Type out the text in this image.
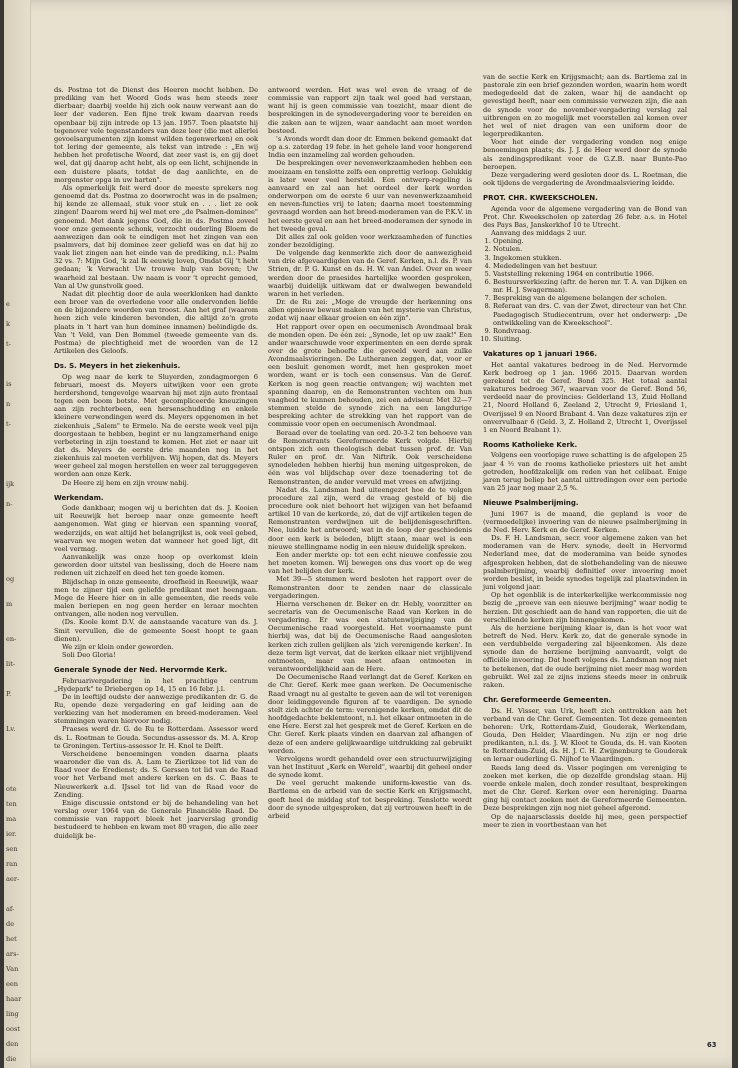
e
k
t-
is
n
t-
ijk
n-
og
m
en-
lit-
P.
Lv.
ote
ten
ma
ier.
sen
ran
aer-
af-
de
het
ars-
Van
een
haar
ling
oost
den
die

ds. Postma tot de Dienst des Heeren mocht hebben. De prediking van het Woord Gods was hem steeds zeer dierbaar; daarbij voelde hij zich ook nauw verwant aan de leer der vaderen. Een fijne trek kwam daarvan reeds openbaar bij zijn intrede op 13 jan. 1957. Toen plaatste hij tegenover vele tegenstanders van deze leer (die met allerlei gevoelsargumenten zijn komst wilden tegenwerken) en ook tot lering der gemeente, als tekst van intrede : „En wij hebben het profetische Woord, dat zeer vast is, en gij doet wel, dat gij daarop acht hebt, als op een licht, schijnende in een duistere plaats, totdat de dag aanlichte, en de morgenster opga in uw harten".

Als opmerkelijk feit werd door de meeste sprekers nog genoemd dat ds. Postma zo doorwrocht was in de psalmen; hij kende ze allemaal, stuk voor stuk en . . . liet ze ook zingen! Daarom werd hij wel met ere „de Psalmen-dominee" genoemd. Met dank jegens God, die in ds. Postma zoveel voor onze gemeente schonk, verzocht ouderling Bloem de aanwezigen dan ook te eindigen met het zingen van een psalmvers, dat bij dominee zeer geliefd was en dat hij zo vaak liet zingen aan het einde van de prediking, n.l.: Psalm 32 vs. 7: Mijn God, 'k zal Ik eeuwig loven, Omdat Gij 't hebt gedaan; 'k Verwacht Uw trouwe hulp van boven; Uw waarheid zal bestaan. Uw naam is voor 't oprecht gemoed, Van al Uw gunstvolk goed.

Nadat dit plechtig door de aula weerklonken had dankte een broer van de overledene voor alle ondervonden liefde en de bijzondere woorden van troost. Aan het graf (waarom heen zich vele kinderen bevonden, die altijd zo'n grote plaats in 't hart van hun dominee innamen) beëindigde ds. Van 't Veld, van Den Bommel (tweede gemeente van ds. Postma) de plechtigheid met de woorden van de 12 Artikelen des Geloofs.

Ds. S. Meyers in het ziekenhuis.

Op weg naar de kerk te Sluyerden, zondagmorgen 6 februari, moest ds. Meyers uitwijken voor een grote herdershond, tengevolge waarvan hij met zijn auto frontaal tegen een boom botste. Met gecompliceerde kneuzingen aan zijn rechterbeen, een hersenschudding en enkele kleinere verwondingen werd ds. Meyers opgenomen in het ziekenhuis „Salem" te Ermelo. Na de eerste week veel pijn doorgestaan te hebben, begint er nu langzamerhand enige verbetering in zijn toestand te komen. Het ziet er naar uit dat ds. Meyers de eerste drie maanden nog in het ziekenhuis zal moeten verblijven. Wij hopen, dat ds. Meyers weer geheel zal mogen herstellen en weer zal teruggegeven worden aan onze Kerk.

De Heere zij hem en zijn vrouw nabij.

Werkendam.

Gode dankbaar, mogen wij u berichten dat ds. J. Kooien uit Reeuwijk het beroep naar onze gemeente heeft aangenomen. Wat ging er hiervan een spanning vooraf, wederzijds, en wat altijd het belangrijkst is, ook veel gebed, waarvan we mogen weten dat wanneer het goed ligt, dit veel vermag.

Aanvankelijk was onze hoop op overkomst klein geworden door uitstel van beslissing, doch de Heere nam redenen uit zichzelf en deed het ten goede komen.

Blijdschap in onze gemeente, droefheid in Reeuwijk, waar men te zijner tijd een geliefde predikant met heengaan. Moge de Heere hier en in alle gemeenten, die reeds vele malen beriepen en nog geen herder en leraar mochten ontvangen, alle noden nog vervullen.

(Ds. Koole komt D.V. de aanstaande vacature van ds. J. Smit vervullen, die de gemeente Soest hoopt te gaan dienen).

We zijn er klein onder geworden.

Soli Deo Gloria!

Generale Synode der Ned. Hervormde Kerk.

Februarivergadering in het prachtige centrum „Hydepark" te Driebergen op 14, 15 en 16 febr. j.l.

De in leeftijd oudste der aanwezige predikanten dr. G. de Ru, opende deze vergadering en gaf leiding aan de verkiezing van het moderamen en breed-moderamen. Veel stemmingen waren hiervoor nodig.

Praeses werd dr. G. de Ru te Rotterdam. Assessor werd ds. L. Roetman te Gouda. Secundus-assessor ds. M. A. Krop te Groningen. Tertius-assessor Ir. H. Knol te Delft.

Verscheidene benoemingen vonden daarna plaats waaronder die van ds. A. Lam te Zierikzee tot lid van de Raad voor de Eredienst; ds. S. Gerssen tot lid van de Raad voor het Verband met andere kerken en ds. C. Baas te Nieuwerkerk a.d. IJssel tot lid van de Raad voor de Zending.

Enige discussie ontstond er bij de behandeling van het verslag over 1964 van de Generale Financiële Raad. De commissie van rapport bleek het jaarverslag grondig bestudeerd te hebben en kwam met 80 vragen, die alle zeer duidelijk be-

antwoord werden. Het was wel even de vraag of de commissie van rapport zijn taak wel goed had verstaan, want hij is geen commissie van toezicht, maar dient de besprekingen in de synodevergadering voor te bereiden en die zaken aan te wijzen, waar aandacht aan moet worden besteed.

's Avonds wordt dan door dr. Emmen bekend gemaakt dat op a.s. zaterdag 19 febr. in het gehele land voor hongerend India een inzameling zal worden gehouden.

De besprekingen over nevenwerkzaamheden hebben een moeizaam en tenslotte zelfs een onprettig verloop. Gelukkig is later weer veel hersteld. Een ontwerp-regeling is aanvaard en zal aan het oordeel der kerk worden onderworpen om de eerste 6 uur van nevenwerkzaamheid en neven-functies vrij te laten; daarna moet toestemming gevraagd worden aan het breed-moderamen van de P.K.V. in het eerste geval en aan het breed-moderamen der synode in het tweede geval.

Dit alles zal ook gelden voor werkzaamheden of functies zonder bezoldiging.

De volgende dag kenmerkte zich door de aanwezigheid van drie afgevaardigden van de Geref. Kerken, n.l. ds. P. van Strien, dr. P. G. Kunst en ds. H. W. van Andel. Over en weer werden door de praesides hartelijke woorden gesproken, waarbij duidelijk uitkwam dat er dwalwegen bewandeld waren in het verleden.

Dr. de Ru zei: „Moge de vreugde der herkenning ons allen opnieuw bewust maken van het mysterie van Christus, zodat wij naar elkaar groeien en één zijn".

Het rapport over open en oecumenisch Avondmaal brak de monden open. De één zei: „Synode, let op uw zaak!" Een ander waarschuwde voor experimenten en een derde sprak over de grote behoefte die gevoeld werd aan zulke Avondmaalsvieringen. De Lutheranen zeggen, dat, voor er een besluit genomen wordt, met hen gesproken moet worden, want er is toch een consensus. Van de Geref. Kerken is nog geen reactie ontvangen; wij wachten met spanning daarop, en de Remonstranten vechten om hun vaagheid te kunnen behouden, zei een adviseur. Met 32—7 stemmen stelde de synode zich na een langdurige bespreking achter de strekking van het rapport van de commissie voor open en oecumenisch Avondmaal.

Beraad over de toelating van ord. 20-3-2 ten behoeve van de Remonstrants Gereformeerde Kerk volgde. Hierbij ontspon zich een theologisch debat tussen prof. dr. Van Ruler en prof. dr. Van Niftrik. Ook verscheidene synodeleden hebben hierbij hun mening uitgesproken, de één was vol blijdschap over deze toenadering tot de Remonstranten, de ander vervuld met vrees en afwijzing.

Nadat ds. Landsman had uiteengezet hoe de te volgen procedure zal zijn, werd de vraag gesteld of bij die procedure ook niet behoort het wijzigen van het befaamd artikel 10 van de kerkorde, zó, dat de vijf artikelen tegen de Remonstranten verdwijnen uit de belijdenisgeschriften. Nee, luidde het antwoord; wat in de loop der geschiedenis door een kerk is beleden, blijft staan, maar wel is een nieuwe stellingname nodig in een nieuw duidelijk spreken.

Een ander merkte op: tot een echt nieuwe confessie zou het moeten komen. Wij bewegen ons dus voort op de weg van het belijden der kerk.

Met 39—5 stemmen werd besloten het rapport over de Remonstranten door te zenden naar de classicale vergaderingen.

Hierna verschenen dr. Beker en dr. Hebly, voorzitter en secretaris van de Oecumenische Raad van Kerken in de vergadering. Er was een statutenwijziging van de Oecumenische raad voorgesteld. Het voornaamste punt hierbij was, dat bij de Oecumenische Raad aangesloten kerken zich zullen gelijken als 'zich verenigende kerken'. In deze term ligt vervat, dat de kerken elkaar niet vrijblijvend ontmoeten, maar van meet afaan ontmoeten in verantwoordelijkheid aan de Here.

De Oecumenische Raad verlangt dat de Geref. Kerken en de Chr. Geref. Kerk mee gaan werken. De Oecumenische Raad vraagt nu al gestalte te geven aan de wil tot verenigen door leidinggevende figuren af te vaardigen. De synode stelt zich achter de term: verenigende kerken, omdat dit de hoofdgedachte beklemtoont, n.l. het elkaar ontmoeten in de ene Here. Eerst zal het gesprek met de Geref. Kerken en de Chr. Geref. Kerk plaats vinden en daarvan zal afhangen of deze of een andere gelijkwaardige uitdrukking zal gebruikt worden.

Vervolgens wordt gehandeld over een structuurwijziging van het Instituut „Kerk en Wereld", waarbij dit geheel onder de synode komt.

De veel gerucht makende uniform-kwestie van ds. Bartlema en de arbeid van de sectie Kerk en Krijgsmacht, geeft heel de middag stof tot bespreking. Tenslotte wordt door de synode uitgesproken, dat zij vertrouwen heeft in de arbeid

van de sectie Kerk en Krijgsmacht; aan ds. Bartlema zal in pastorale zin een brief gezonden worden, waarin hem wordt medegedeeld dat de zaken, waar hij de aandacht op gevestigd heeft, naar een commissie verwezen zijn, die aan de synode voor de november-vergadering verslag zal uitbrengen en zo mogelijk met voorstellen zal komen over het wel of niet dragen van een uniform door de legerpredikanten.

Voor het einde der vergadering vonden nog enige benoemingen plaats; ds. J. J. de Heer werd door de synode als zendingspredikant voor de G.Z.B. naar Bunte-Pao beroepen.

Deze vergadering werd gesloten door ds. L. Roetman, die ook tijdens de vergadering de Avondmaalsviering leidde.

PROT. CHR. KWEEKSCHOLEN.

Agenda voor de algemene vergadering van de Bond van Prot. Chr. Kweekscholen op zaterdag 26 febr. a.s. in Hotel des Pays Bas, Janskerkhof 10 te Utrecht.

Aanvang des middags 2 uur.

1. Opening.
2. Notulen.
3. Ingekomen stukken.
4. Mededelingen van het bestuur.
5. Vaststelling rekening 1964 en contributie 1966.
6. Bestuursverkiezing (aftr. de heren mr. T. A. van Dijken en mr. H. J. Swagerman).
7. Bespreking van de algemene belangen der scholen.
8. Referaat van drs. C. van der Zwet, directeur van het Chr. Paedagogisch Studiecentrum, over het onderwerp: „De ontwikkeling van de Kweekschool".
9. Rondvraag.
10. Sluiting.
Vakatures op 1 januari 1966.

Het aantal vakatures bedroeg in de Ned. Hervormde Kerk bedroeg op 1 jan. 1966 2015. Daarvan worden gerekend tot de Geref. Bond 325. Het totaal aantal vakatures bedroeg 367, waarvan voor de Geref. Bond 56, verdeeld naar de provincies: Gelderland 13, Zuid Holland 21, Noord Holland 6, Zeeland 2, Utrecht 9, Friesland 1, Overijssel 9 en Noord Brabant 4. Van deze vakatures zijn er onvervulbaar 6 (Geld. 3, Z. Holland 2, Utrecht 1, Overijssel 1 en Noord Brabant 1).

Rooms Katholieke Kerk.

Volgens een voorlopige ruwe schatting is de afgelopen 25 jaar 4 ½ van de rooms katholieke priesters uit het ambt getreden, hoofdzakelijk om reden van het celibaat. Enige jaren terug beliep het aantal uittredingen over een periode van 25 jaar nog maar 2,5 %.

Nieuwe Psalmberijming.

Juni 1967 is de maand, die gepland is voor de (vermoedelijke) invoering van de nieuwe psalmberijming in de Ned. Herv. Kerk en de Geref. Kerken.

Ds. F. H. Landsman, secr. voor algemene zaken van het moderamen van de Herv. synode, deelt in Hervormd Nederland mee, dat de moderamina van beide synodes afgesproken hebben, dat de slotbehandeling van de nieuwe psalmberijming, waarbij definitief over invoering moet worden beslist, in beide synodes tegelijk zal plaatsvinden in juni volgend jaar.

Op het ogenblik is de interkerkelijke werkcommissie nog bezig de „proeve van een nieuwe berijming" waar nodig te herzien. Dit geschiedt aan de hand van rapporten, die uit de verschillende kerken zijn binnengekomen.

Als de herziene berijming klaar is, dan is het voor wat betreft de Ned. Herv. Kerk zo, dat de generale synode in een verdubbelde vergadering zal bijeenkomen. Als deze synode dan de herziene berijming aanvaardt, volgt de officiële invoering. Dat hoeft volgens ds. Landsman nog niet te betekenen, dat de oude berijming niet meer mag worden gebruikt. Wel zal ze zijns inziens steeds meer in onbruik raken.

Chr. Gereformeerde Gemeenten.

Ds. H. Visser, van Urk, heeft zich onttrokken aan het verband van de Chr. Geref. Gemeenten. Tot deze gemeenten behoren: Urk, Rotterdam-Zuid, Gouderak, Werkendam, Gouda, Den Helder, Vlaardingen. Nu zijn er nog drie predikanten, n.l. ds. J. W. Kloot te Gouda, ds. H. van Kooten te Rotterdam-Zuid, ds. H. J. C. H. Zwijnenburg te Gouderak en leraar ouderling G. Nijhof te Vlaardingen.

Reeds lang deed ds. Visser pogingen om vereniging te zoeken met kerken, die op dezelfde grondslag staan. Hij voerde enkele malen, doch zonder resultaat, besprekingen met de Chr. Geref. Kerken over een hereniging. Daarna ging hij contact zoeken met de Gereformeerde Gemeenten. Deze besprekingen zijn nog niet geheel afgerond.

Op de najaarsclassis deelde hij mee, geen perspectief meer te zien in voortbestaan van het

63
